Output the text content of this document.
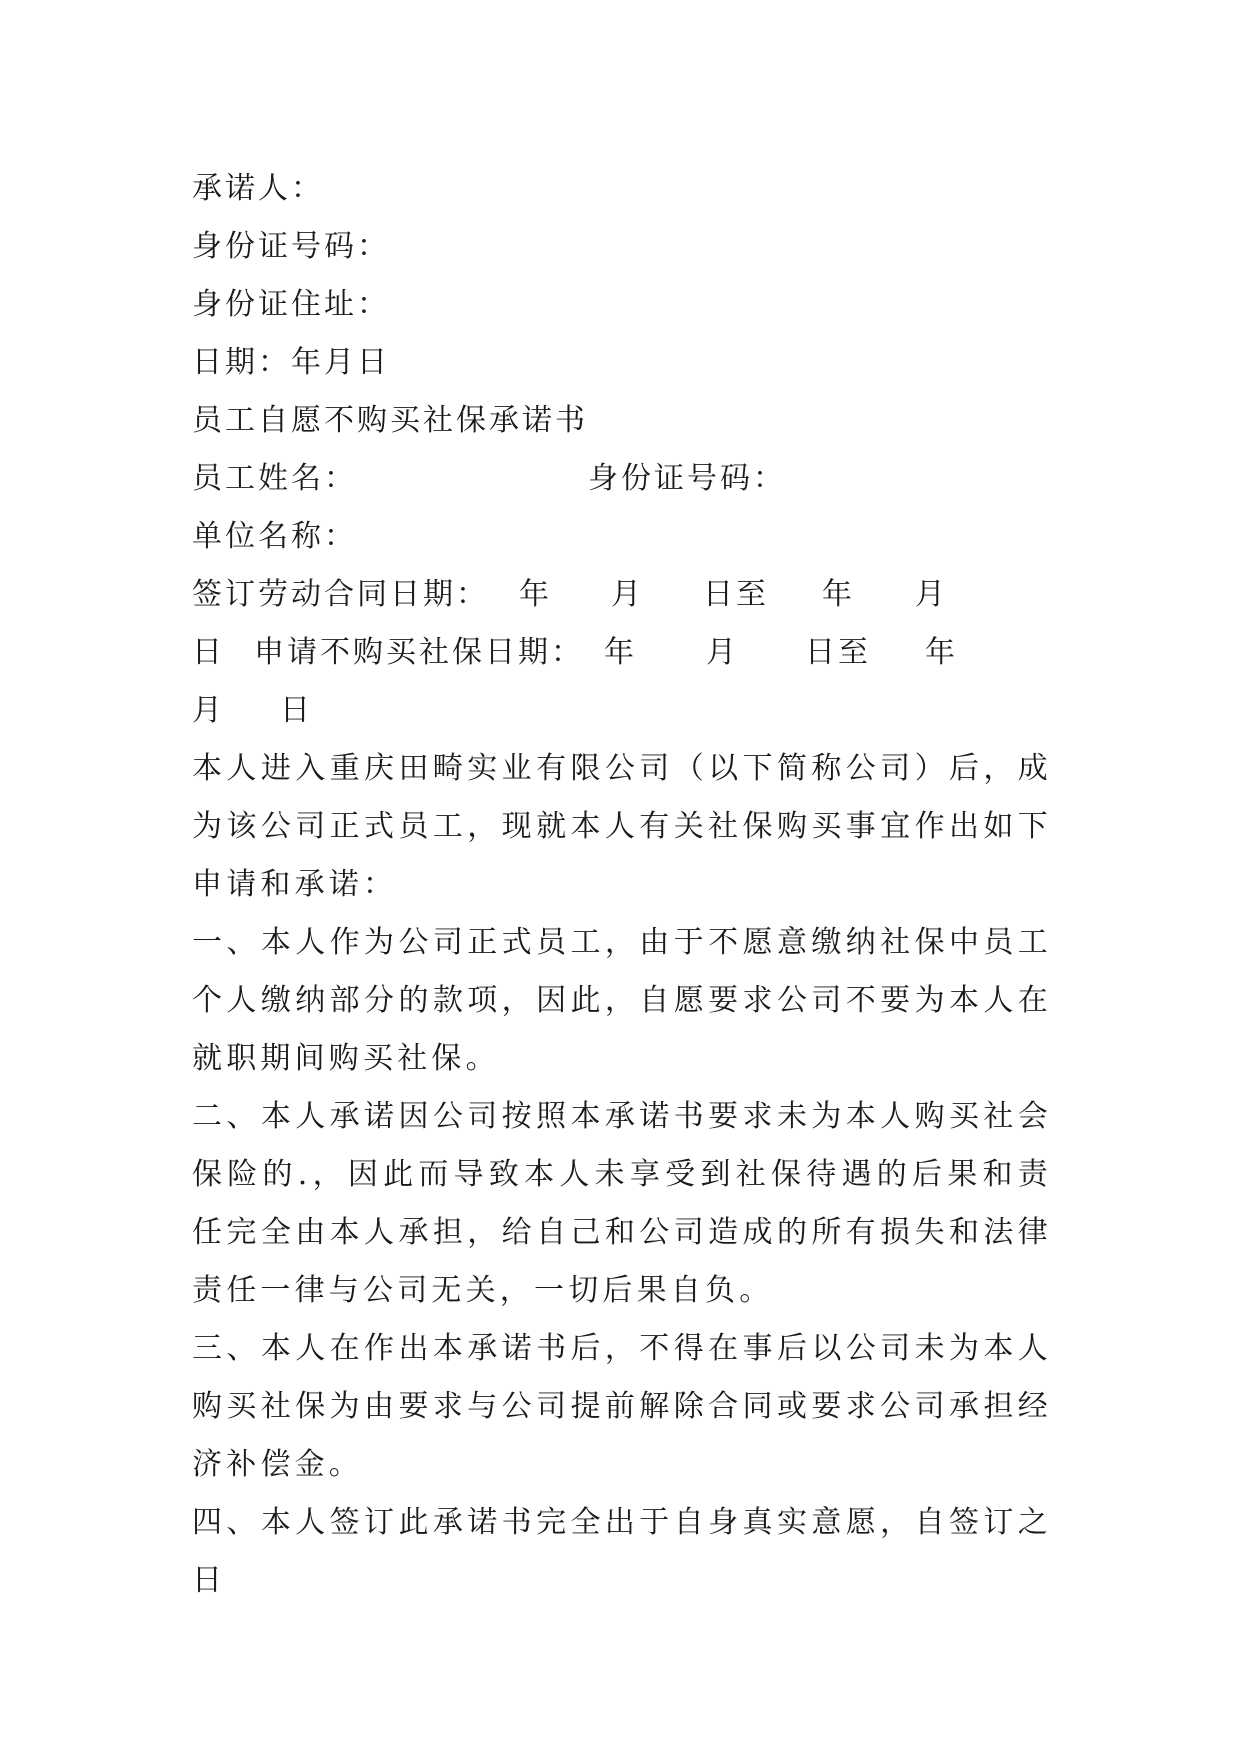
承诺人：
身份证号码：
身份证住址：
日期：年月日
员工自愿不购买社保承诺书
员工姓名：	身份证号码：
单位名称：
签订劳动合同日期： 年 月 日至 年 月
日 申请不购买社保日期： 年 月 日至 年
月 日

本人进入重庆田畸实业有限公司（以下简称公司）后，成为该公司正式员工，现就本人有关社保购买事宜作出如下申请和承诺：

一、本人作为公司正式员工，由于不愿意缴纳社保中员工个人缴纳部分的款项，因此，自愿要求公司不要为本人在就职期间购买社保。

二、本人承诺因公司按照本承诺书要求未为本人购买社会保险的.，因此而导致本人未享受到社保待遇的后果和责任完全由本人承担，给自己和公司造成的所有损失和法律责任一律与公司无关，一切后果自负。

三、本人在作出本承诺书后，不得在事后以公司未为本人购买社保为由要求与公司提前解除合同或要求公司承担经济补偿金。

四、本人签订此承诺书完全出于自身真实意愿，自签订之日
